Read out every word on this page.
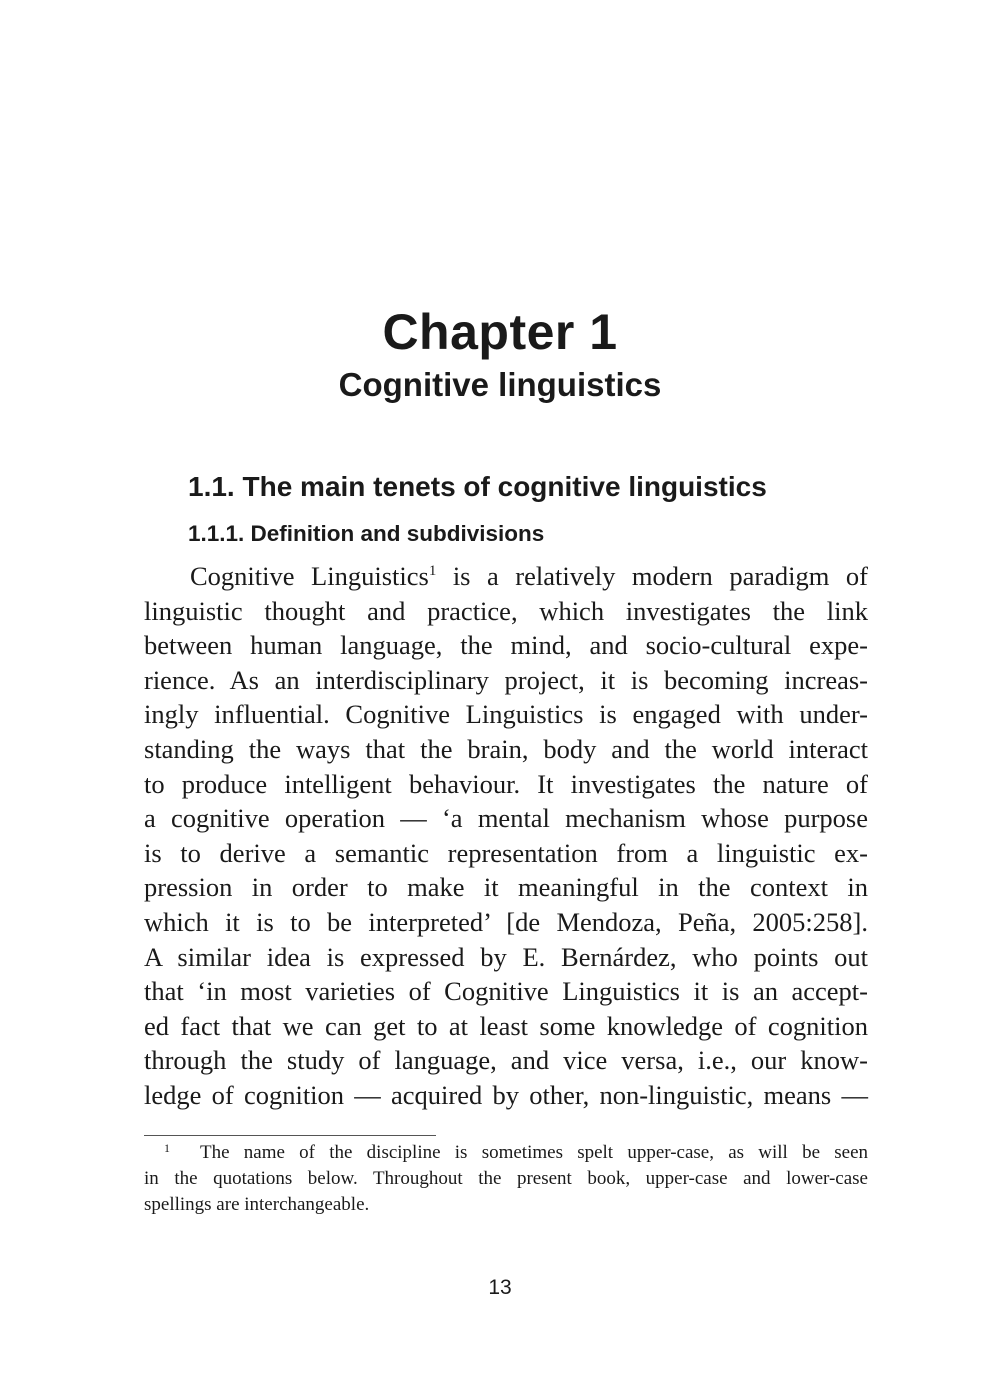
Chapter 1
Cognitive linguistics
1.1. The main tenets of cognitive linguistics
1.1.1. Definition and subdivisions
Cognitive Linguistics$^1$ is a relatively modern paradigm of
linguistic thought and practice, which investigates the link
between human language, the mind, and socio-cultural expe-
rience. As an interdisciplinary project, it is becoming increas-
ingly influential. Cognitive Linguistics is engaged with under-
standing the ways that the brain, body and the world interact
to produce intelligent behaviour. It investigates the nature of
a cognitive operation — ‘a mental mechanism whose purpose
is to derive a semantic representation from a linguistic ex-
pression in order to make it meaningful in the context in
which it is to be interpreted’ [de Mendoza, Peña, 2005:258].
A similar idea is expressed by E. Bernárdez, who points out
that ‘in most varieties of Cognitive Linguistics it is an accept-
ed fact that we can get to at least some knowledge of cognition
through the study of language, and vice versa, i.e., our know-
ledge of cognition — acquired by other, non-linguistic, means —
$^1$ The name of the discipline is sometimes spelt upper-case, as will be seen
in the quotations below. Throughout the present book, upper-case and lower-case
spellings are interchangeable.
13
